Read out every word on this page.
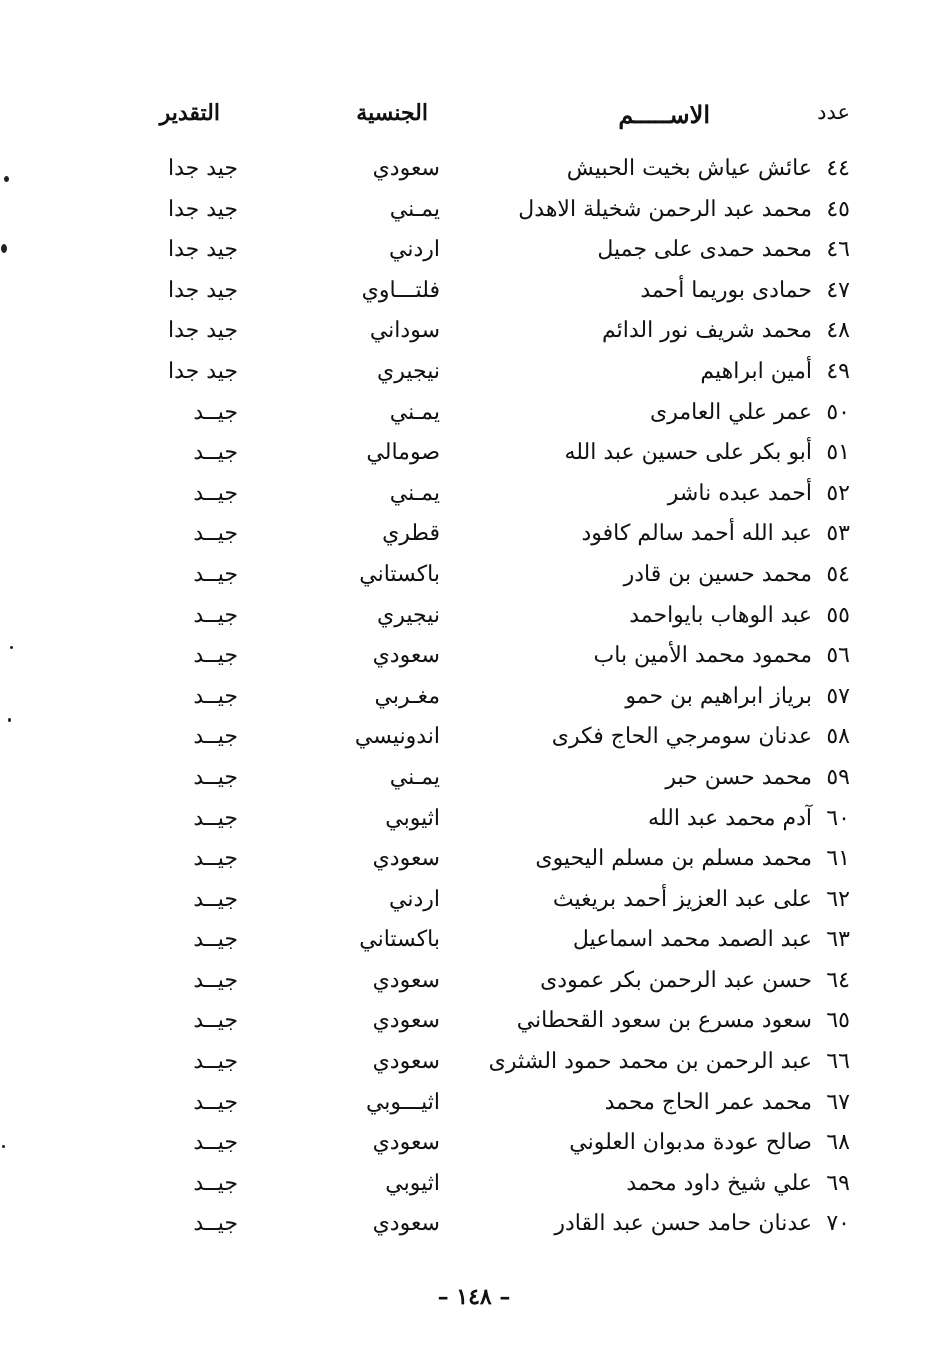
عدد
الاســـــم
الجنسية
التقدير
٤٤
عائش عياش بخيت الحبيش
سعودي
جيد جدا
٤٥
محمد عبد الرحمن شخيلة الاهدل
يمـني
جيد جدا
٤٦
محمد حمدى على جميل
اردني
جيد جدا
٤٧
حمادى بوريما أحمد
فلتـــاوي
جيد جدا
٤٨
محمد شريف نور الدائم
سوداني
جيد جدا
٤٩
أمين ابراهيم
نيجيري
جيد جدا
٥٠
عمر علي العامرى
يمـني
جيــد
٥١
أبو بكر على حسين عبد الله
صومالي
جيــد
٥٢
أحمد عبده ناشر
يمـني
جيــد
٥٣
عبد الله أحمد سالم كافود
قطري
جيــد
٥٤
محمد حسين بن قادر
باكستاني
جيــد
٥٥
عبد الوهاب بايواحمد
نيجيري
جيــد
٥٦
محمود محمد الأمين باب
سعودي
جيــد
٥٧
برياز ابراهيم بن حمو
مغـربي
جيــد
٥٨
عدنان سومرجي الحاج فكرى
اندونيسي
جيــد
٥٩
محمد حسن حبر
يمـني
جيــد
٦٠
آدم محمد عبد الله
اثيوبي
جيــد
٦١
محمد مسلم بن مسلم اليحيوى
سعودي
جيــد
٦٢
على عبد العزيز أحمد بريغيث
اردني
جيــد
٦٣
عبد الصمد محمد اسماعيل
باكستاني
جيــد
٦٤
حسن عبد الرحمن بكر عمودى
سعودي
جيــد
٦٥
سعود مسرع بن سعود القحطاني
سعودي
جيــد
٦٦
عبد الرحمن بن محمد حمود الشثرى
سعودي
جيــد
٦٧
محمد عمر الحاج محمد
اثيـــوبي
جيــد
٦٨
صالح عودة مدبوان العلوني
سعودي
جيــد
٦٩
علي شيخ داود محمد
اثيوبي
جيــد
٧٠
عدنان حامد حسن عبد القادر
سعودي
جيــد
– ١٤٨ –
